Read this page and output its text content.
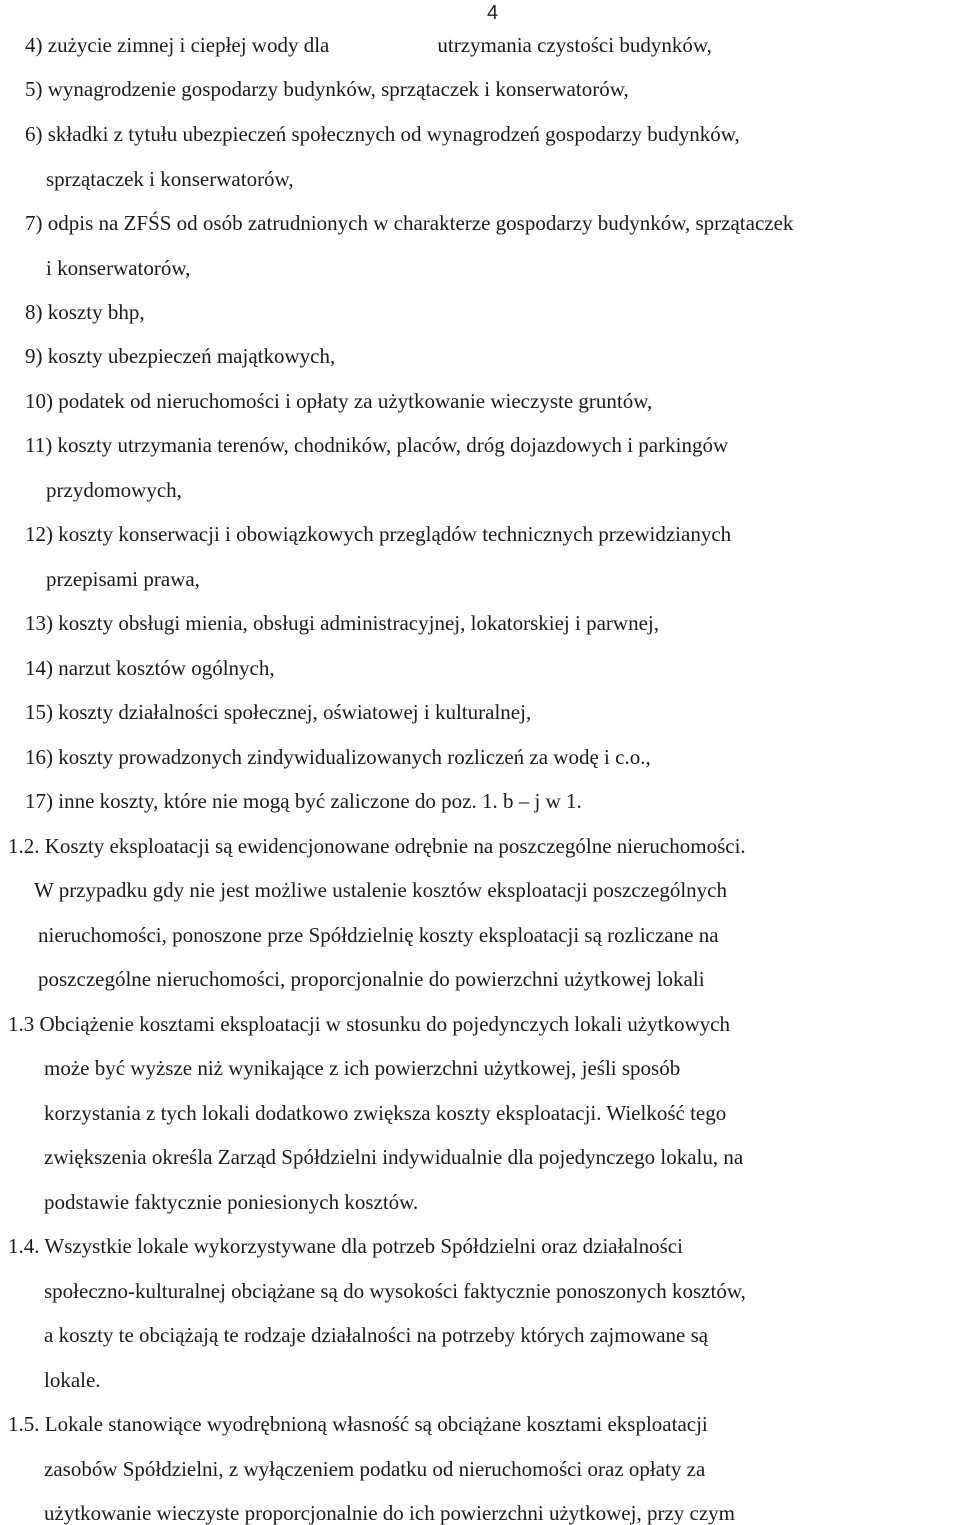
4
4) zużycie zimnej i ciepłej wody dla	utrzymania czystości budynków,
5) wynagrodzenie gospodarzy budynków, sprzątaczek i konserwatorów,
6) składki z tytułu ubezpieczeń społecznych od wynagrodzeń gospodarzy budynków,
sprzątaczek i konserwatorów,
7) odpis na ZFŚS od osób zatrudnionych w charakterze gospodarzy budynków, sprzątaczek
i konserwatorów,
8) koszty bhp,
9) koszty ubezpieczeń majątkowych,
10) podatek od nieruchomości i opłaty za użytkowanie wieczyste gruntów,
11) koszty utrzymania terenów, chodników, placów, dróg dojazdowych i parkingów
przydomowych,
12) koszty konserwacji i obowiązkowych przeglądów technicznych przewidzianych
przepisami prawa,
13) koszty obsługi mienia, obsługi administracyjnej, lokatorskiej i parwnej,
14) narzut kosztów ogólnych,
15) koszty działalności społecznej, oświatowej i kulturalnej,
16) koszty prowadzonych zindywidualizowanych rozliczeń za wodę i c.o.,
17) inne koszty, które nie mogą być zaliczone do poz. 1. b – j w 1.
1.2. Koszty eksploatacji są ewidencjonowane odrębnie na poszczególne nieruchomości.
W przypadku gdy nie jest możliwe ustalenie kosztów eksploatacji poszczególnych
nieruchomości, ponoszone prze Spółdzielnię koszty eksploatacji są rozliczane na
poszczególne nieruchomości, proporcjonalnie do powierzchni użytkowej lokali
1.3 Obciążenie kosztami eksploatacji w stosunku do pojedynczych lokali użytkowych
może być wyższe niż wynikające z ich powierzchni użytkowej, jeśli sposób
korzystania z tych lokali dodatkowo zwiększa koszty eksploatacji. Wielkość tego
zwiększenia określa Zarząd Spółdzielni indywidualnie dla pojedynczego lokalu, na
podstawie faktycznie poniesionych kosztów.
1.4. Wszystkie lokale wykorzystywane dla potrzeb Spółdzielni oraz działalności
społeczno-kulturalnej obciążane są do wysokości faktycznie ponoszonych kosztów,
a koszty te obciążają te rodzaje działalności na potrzeby których zajmowane są
lokale.
1.5. Lokale stanowiące wyodrębnioną własność są obciążane kosztami eksploatacji
zasobów Spółdzielni, z wyłączeniem podatku od nieruchomości oraz opłaty za
użytkowanie wieczyste proporcjonalnie do ich powierzchni użytkowej, przy czym
